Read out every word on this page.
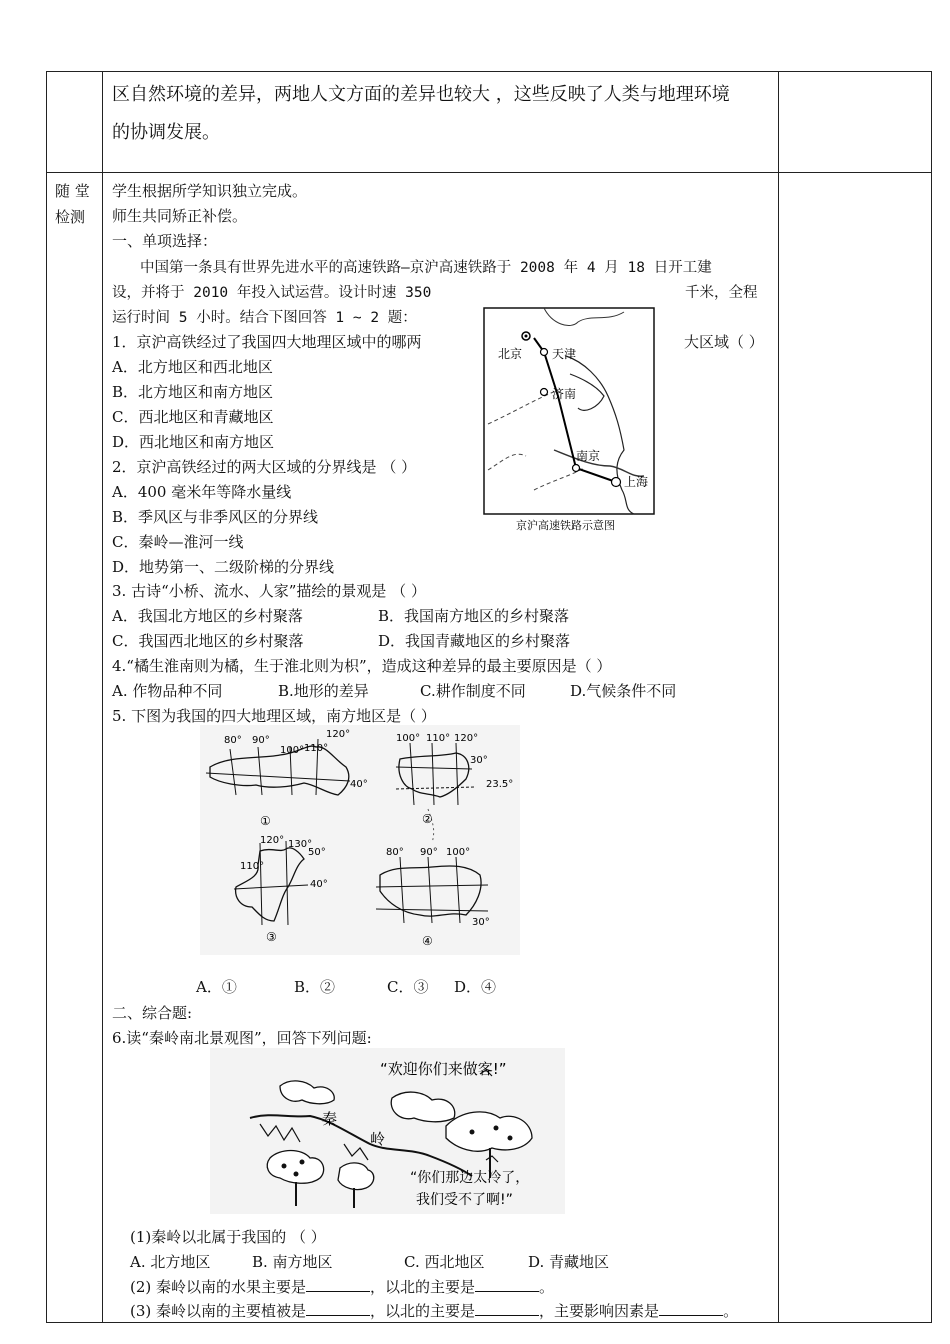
区自然环境的差异，两地人文方面的差异也较大 ，这些反映了人类与地理环境
的协调发展。
随 堂
检测
学生根据所学知识独立完成。
师生共同矫正补偿。
一、单项选择：
中国第一条具有世界先进水平的高速铁路—京沪高速铁路于 2008 年 4 月 18 日开工建
设，并将于 2010 年投入试运营。设计时速 350	千米，全程
运行时间 5 小时。结合下图回答 1 ~ 2 题：
1．京沪高铁经过了我国四大地理区域中的哪两	大区域（ ）
A．北方地区和西北地区
B．北方地区和南方地区
C．西北地区和青藏地区
D．西北地区和南方地区
2．京沪高铁经过的两大区域的分界线是 （ ）
A．400 毫米年等降水量线
B．季风区与非季风区的分界线
C．秦岭—淮河一线
D．地势第一、二级阶梯的分界线
北京 天津
济南
南京
上海
京沪高速铁路示意图
3. 古诗“小桥、流水、人家”描绘的景观是 （ ）
A．我国北方地区的乡村聚落	B．我国南方地区的乡村聚落
C．我国西北地区的乡村聚落	D．我国青藏地区的乡村聚落
4.“橘生淮南则为橘，生于淮北则为枳”，造成这种差异的最主要原因是（ ）
A. 作物品种不同	B.地形的差异	C.耕作制度不同	D.气候条件不同
5. 下图为我国的四大地理区域，南方地区是（ ）
80° 90°
100° 110°
120°
40°
①
100° 110° 120°
30°
23.5°
②
120° 130°
50°
110°
40°
③
80° 90° 100°
30°
④
A．①	B．②	C．③ D．④
二、综合题:
6.读“秦岭南北景观图”，回答下列问题:
“欢迎你们来做客!”
“你们那边太冷了，
我们受不了啊!”
秦
岭
(1)秦岭以北属于我国的 （ ）
A. 北方地区	B. 南方地区	C. 西北地区	D. 青藏地区
(2) 秦岭以南的水果主要是	，以北的主要是	。
(3) 秦岭以南的主要植被是	，以北的主要是	，主要影响因素是	。
